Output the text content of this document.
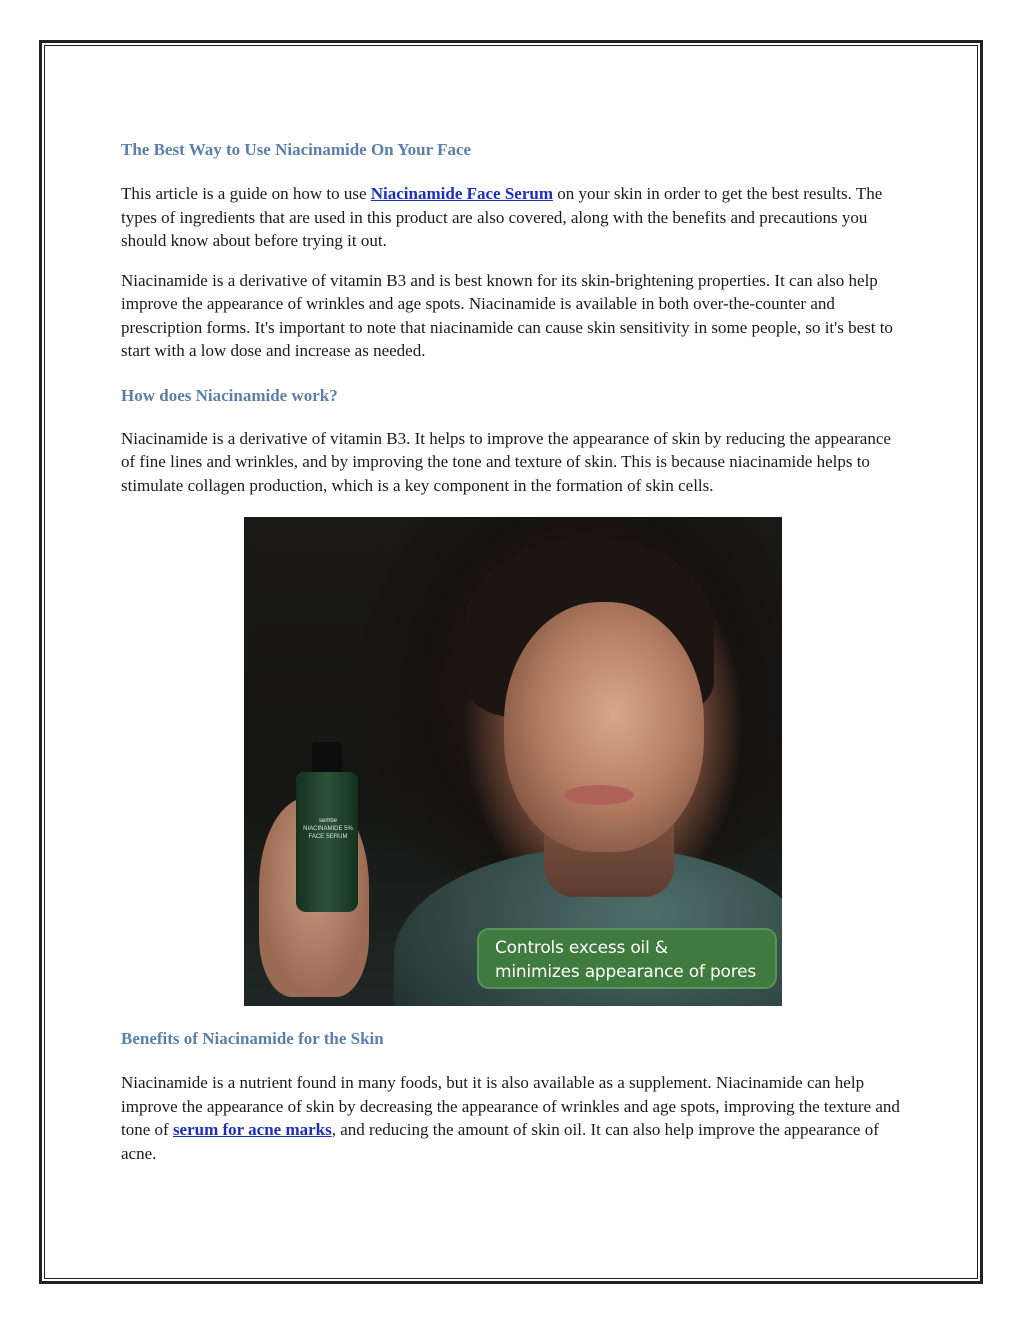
The Best Way to Use Niacinamide On Your Face

This article is a guide on how to use Niacinamide Face Serum on your skin in order to get the best results. The types of ingredients that are used in this product are also covered, along with the benefits and precautions you should know about before trying it out.

Niacinamide is a derivative of vitamin B3 and is best known for its skin-brightening properties. It can also help improve the appearance of wrinkles and age spots. Niacinamide is available in both over-the-counter and prescription forms. It's important to note that niacinamide can cause skin sensitivity in some people, so it's best to start with a low dose and increase as needed.

How does Niacinamide work?

Niacinamide is a derivative of vitamin B3. It helps to improve the appearance of skin by reducing the appearance of fine lines and wrinkles, and by improving the tone and texture of skin. This is because niacinamide helps to stimulate collagen production, which is a key component in the formation of skin cells.

sembe
NIACINAMIDE 5% FACE SERUM
Controls excess oil &
minimizes appearance of pores
Benefits of Niacinamide for the Skin

Niacinamide is a nutrient found in many foods, but it is also available as a supplement. Niacinamide can help improve the appearance of skin by decreasing the appearance of wrinkles and age spots, improving the texture and tone of serum for acne marks, and reducing the amount of skin oil. It can also help improve the appearance of acne.
